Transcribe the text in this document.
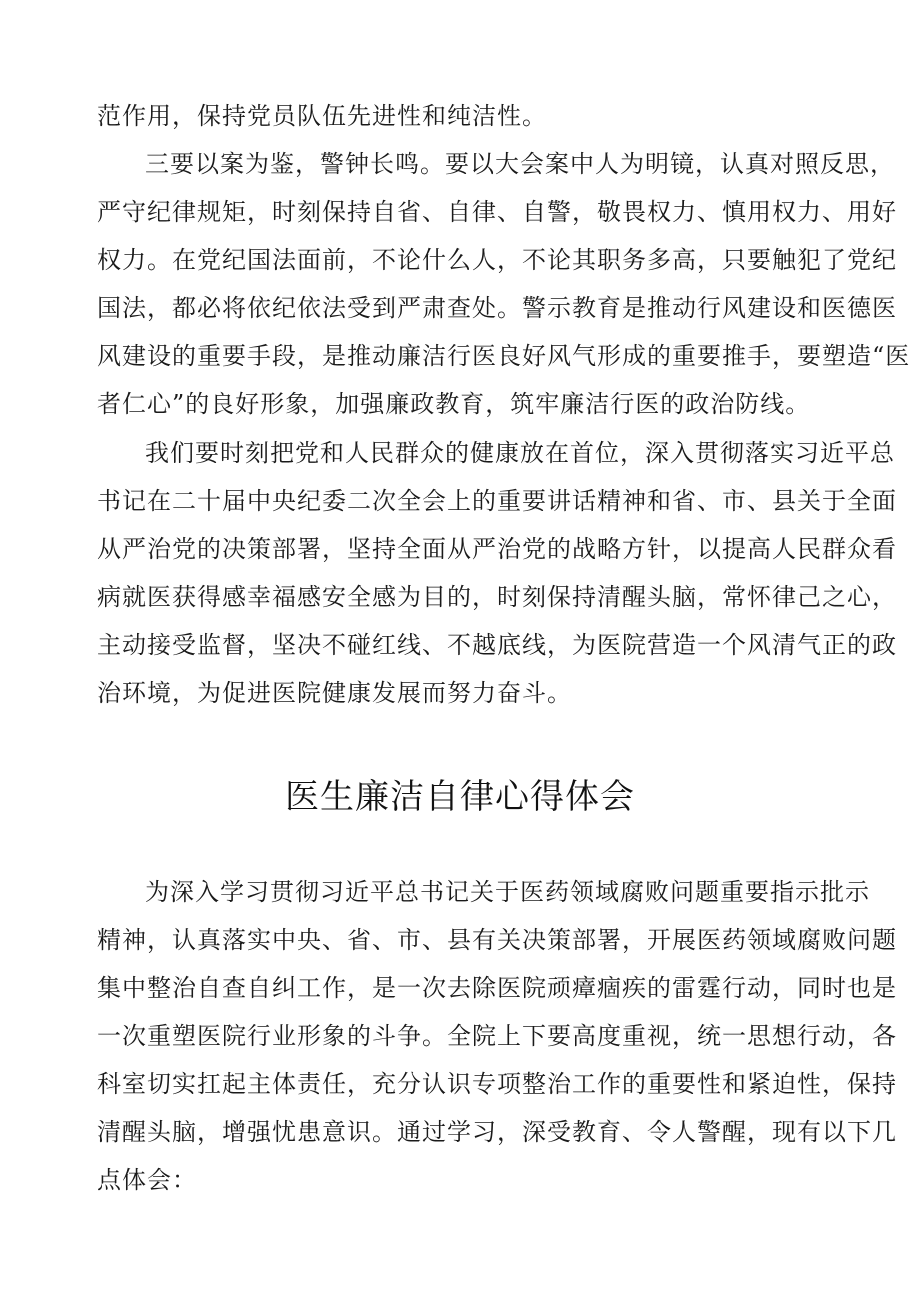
范作用，保持党员队伍先进性和纯洁性。
三要以案为鉴，警钟长鸣。要以大会案中人为明镜，认真对照反思，
严守纪律规矩，时刻保持自省、自律、自警，敬畏权力、慎用权力、用好
权力。在党纪国法面前，不论什么人，不论其职务多高，只要触犯了党纪
国法，都必将依纪依法受到严肃查处。警示教育是推动行风建设和医德医
风建设的重要手段，是推动廉洁行医良好风气形成的重要推手，要塑造“医
者仁心”的良好形象，加强廉政教育，筑牢廉洁行医的政治防线。
我们要时刻把党和人民群众的健康放在首位，深入贯彻落实习近平总
书记在二十届中央纪委二次全会上的重要讲话精神和省、市、县关于全面
从严治党的决策部署，坚持全面从严治党的战略方针，以提高人民群众看
病就医获得感幸福感安全感为目的，时刻保持清醒头脑，常怀律己之心，
主动接受监督，坚决不碰红线、不越底线，为医院营造一个风清气正的政
治环境，为促进医院健康发展而努力奋斗。
医生廉洁自律心得体会
为深入学习贯彻习近平总书记关于医药领域腐败问题重要指示批示
精神，认真落实中央、省、市、县有关决策部署，开展医药领域腐败问题
集中整治自查自纠工作，是一次去除医院顽瘴痼疾的雷霆行动，同时也是
一次重塑医院行业形象的斗争。全院上下要高度重视，统一思想行动，各
科室切实扛起主体责任，充分认识专项整治工作的重要性和紧迫性，保持
清醒头脑，增强忧患意识。通过学习，深受教育、令人警醒，现有以下几
点体会：
